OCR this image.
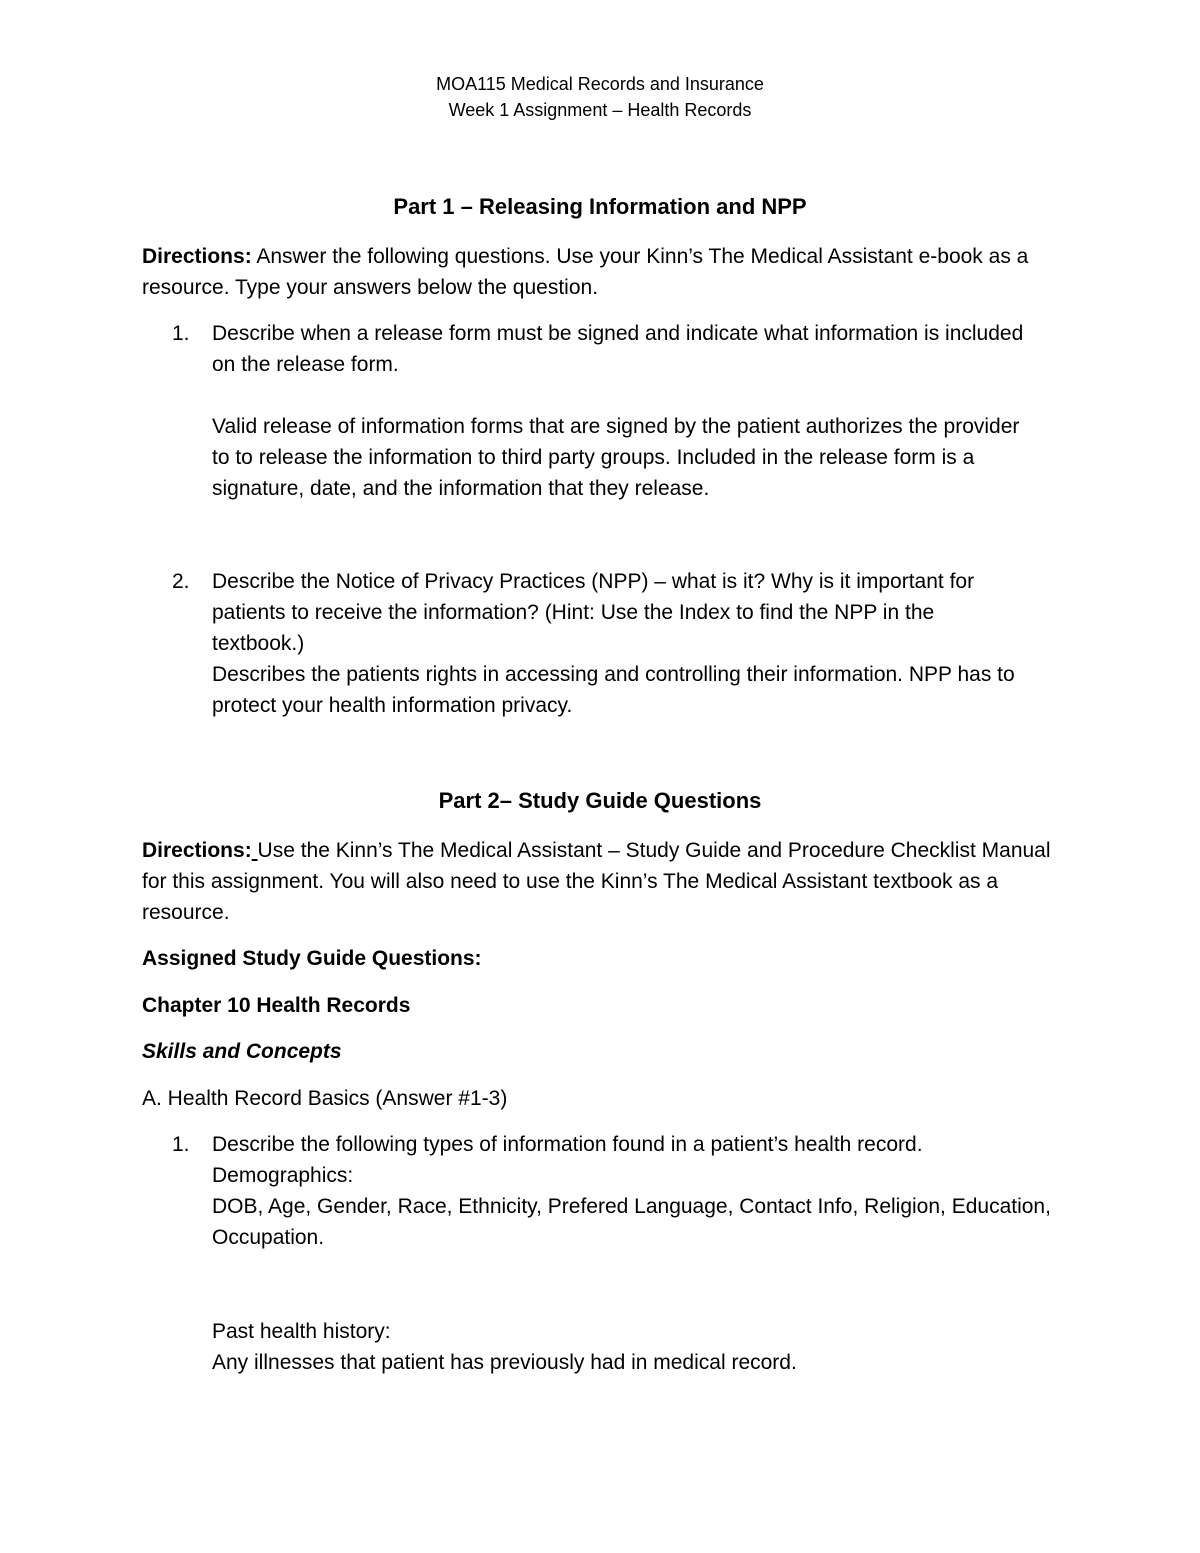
MOA115 Medical Records and Insurance

Week 1 Assignment – Health Records

Part 1 – Releasing Information and NPP

Directions: Answer the following questions. Use your Kinn’s The Medical Assistant e-book as a

resource. Type your answers below the question.

1. Describe when a release form must be signed and indicate what information is included

on the release form.

Valid release of information forms that are signed by the patient authorizes the provider

to to release the information to third party groups. Included in the release form is a

signature, date, and the information that they release.

2. Describe the Notice of Privacy Practices (NPP) – what is it? Why is it important for

patients to receive the information? (Hint: Use the Index to find the NPP in the

textbook.)

Describes the patients rights in accessing and controlling their information. NPP has to

protect your health information privacy.

Part 2– Study Guide Questions

Directions: Use the Kinn’s The Medical Assistant – Study Guide and Procedure Checklist Manual

for this assignment. You will also need to use the Kinn’s The Medical Assistant textbook as a

resource.

Assigned Study Guide Questions:

Chapter 10 Health Records

Skills and Concepts

A. Health Record Basics (Answer #1-3)

1. Describe the following types of information found in a patient’s health record.

Demographics:

DOB, Age, Gender, Race, Ethnicity, Prefered Language, Contact Info, Religion, Education,

Occupation.

Past health history:

Any illnesses that patient has previously had in medical record.
